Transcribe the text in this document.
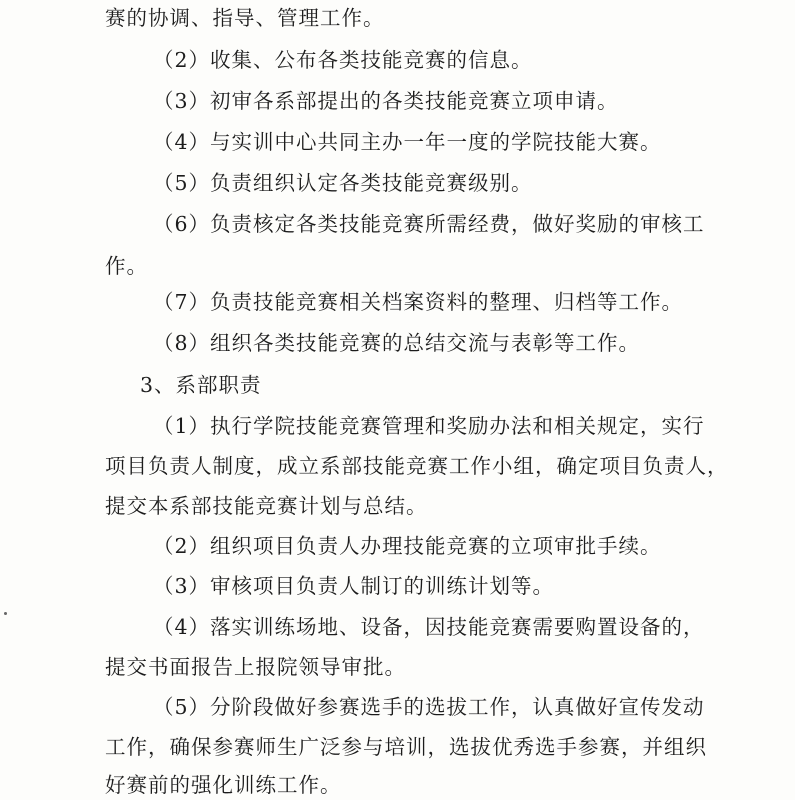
赛的协调、指导、管理工作。
（2）收集、公布各类技能竞赛的信息。
（3）初审各系部提出的各类技能竞赛立项申请。
（4）与实训中心共同主办一年一度的学院技能大赛。
（5）负责组织认定各类技能竞赛级别。
（6）负责核定各类技能竞赛所需经费，做好奖励的审核工
作。
（7）负责技能竞赛相关档案资料的整理、归档等工作。
（8）组织各类技能竞赛的总结交流与表彰等工作。
3、系部职责
（1）执行学院技能竞赛管理和奖励办法和相关规定，实行
项目负责人制度，成立系部技能竞赛工作小组，确定项目负责人，
提交本系部技能竞赛计划与总结。
（2）组织项目负责人办理技能竞赛的立项审批手续。
（3）审核项目负责人制订的训练计划等。
（4）落实训练场地、设备，因技能竞赛需要购置设备的，
提交书面报告上报院领导审批。
（5）分阶段做好参赛选手的选拔工作，认真做好宣传发动
工作，确保参赛师生广泛参与培训，选拔优秀选手参赛，并组织
好赛前的强化训练工作。
